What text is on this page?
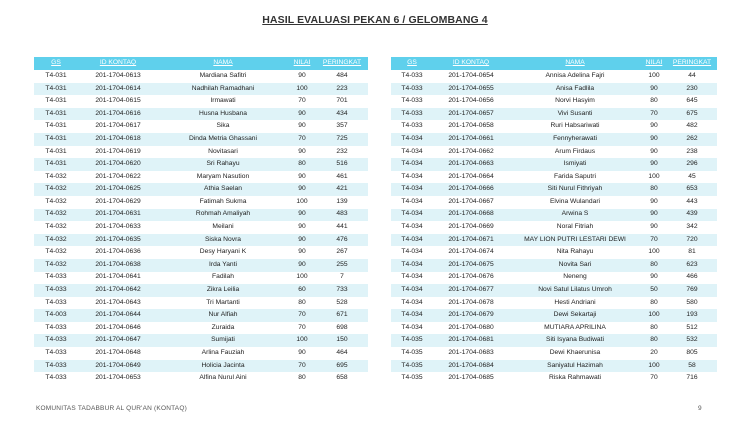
HASIL EVALUASI PEKAN 6 / GELOMBANG 4
GS	ID KONTAQ	NAMA	NILAI	PERINGKAT
T4-031	201-1704-0613	Mardiana Safitri	90	484
T4-031	201-1704-0614	Nadhilah Ramadhani	100	223
T4-031	201-1704-0615	Irmawati	70	701
T4-031	201-1704-0616	Husna Husbana	90	434
T4-031	201-1704-0617	Sika	90	357
T4-031	201-1704-0618	Dinda Metria Ghassani	70	725
T4-031	201-1704-0619	Novitasari	90	232
T4-031	201-1704-0620	Sri Rahayu	80	516
T4-032	201-1704-0622	Maryam Nasution	90	461
T4-032	201-1704-0625	Athia Saelan	90	421
T4-032	201-1704-0629	Fatimah Sukma	100	139
T4-032	201-1704-0631	Rohmah Amaliyah	90	483
T4-032	201-1704-0633	Meilani	90	441
T4-032	201-1704-0635	Siska Novra	90	476
T4-032	201-1704-0636	Desy Haryani K	90	267
T4-032	201-1704-0638	Irda Yanti	90	255
T4-033	201-1704-0641	Fadilah	100	7
T4-033	201-1704-0642	Zikra Leilia	60	733
T4-033	201-1704-0643	Tri Martanti	80	528
T4-003	201-1704-0644	Nur Alfiah	70	671
T4-033	201-1704-0646	Zuraida	70	698
T4-033	201-1704-0647	Sumijati	100	150
T4-033	201-1704-0648	Arlina Fauziah	90	464
T4-033	201-1704-0649	Holicia Jacinta	70	695
T4-033	201-1704-0653	Alfina Nurul Aini	80	658
GS	ID KONTAQ	NAMA	NILAI	PERINGKAT
T4-033	201-1704-0654	Annisa Adelina Fajri	100	44
T4-033	201-1704-0655	Anisa Fadlila	90	230
T4-033	201-1704-0656	Norvi Hasyim	80	645
T4-033	201-1704-0657	Vivi Susanti	70	675
T4-033	201-1704-0658	Ruri Habsariwati	90	482
T4-034	201-1704-0661	Fennyherawati	90	262
T4-034	201-1704-0662	Arum Firdaus	90	238
T4-034	201-1704-0663	Ismiyati	90	296
T4-034	201-1704-0664	Farida Saputri	100	45
T4-034	201-1704-0666	Siti Nurul Fithriyah	80	653
T4-034	201-1704-0667	Elvina Wulandari	90	443
T4-034	201-1704-0668	Arwina S	90	439
T4-034	201-1704-0669	Noral Fitriah	90	342
T4-034	201-1704-0671	MAY LION PUTRI LESTARI DEWI	70	720
T4-034	201-1704-0674	Nita Rahayu	100	81
T4-034	201-1704-0675	Novita Sari	80	623
T4-034	201-1704-0676	Neneng	90	466
T4-034	201-1704-0677	Novi Satul Lilatus Umroh	50	769
T4-034	201-1704-0678	Hesti Andriani	80	580
T4-034	201-1704-0679	Dewi Sekartaji	100	193
T4-034	201-1704-0680	MUTIARA APRILINA	80	512
T4-035	201-1704-0681	Siti Isyana Budiwati	80	532
T4-035	201-1704-0683	Dewi Khaerunisa	20	805
T4-035	201-1704-0684	Saniyatul Hazimah	100	58
T4-035	201-1704-0685	Riska Rahmawati	70	716
KOMUNITAS TADABBUR AL QUR'AN (KONTAQ)	9
